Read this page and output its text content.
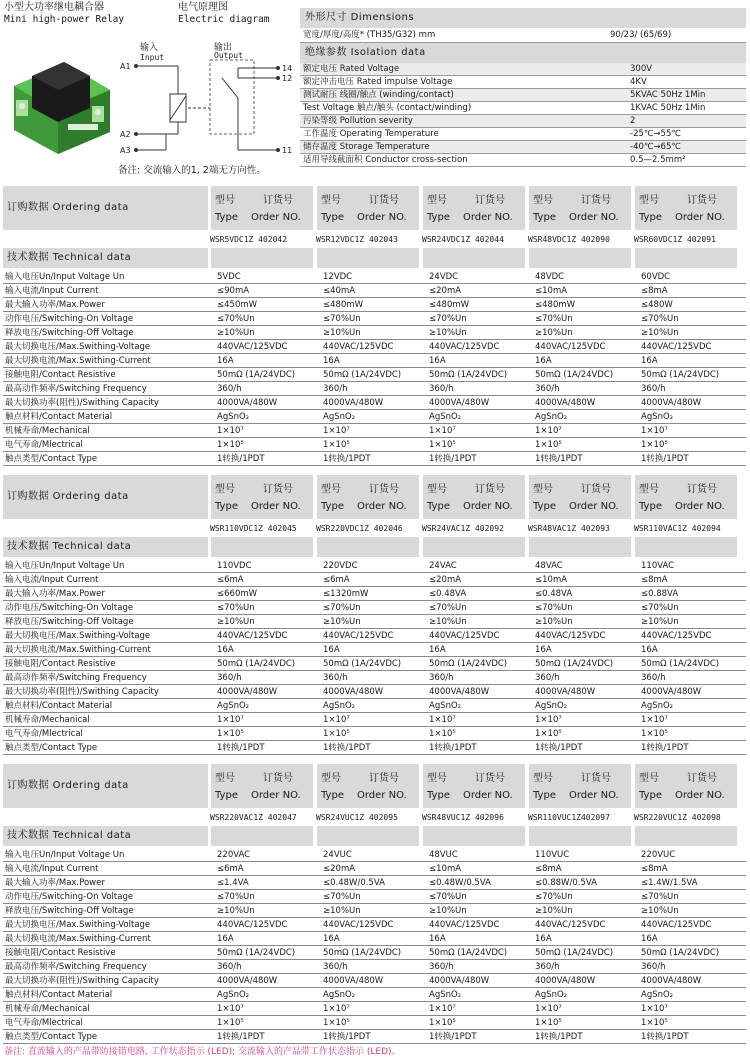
小型大功率继电耦合器
Mini high-power Relay
电气原理图
Electric diagram
输入
Input
输出
Output
A1
A2
A3
14
12
11
备注: 交流输入的1, 2端无方向性。
外形尺寸 Dimensions
宽度/厚度/高度* (TH35/G32) mm	90/23/ (65/69)
绝缘参数 Isolation data
额定电压 Rated Voltage	300V
额定冲击电压 Rated impulse Voltage	4KV
测试耐压 线圈/触点 (winding/contact)	5KVAC 50Hz 1Min
Test Voltage 触点/触头 (contact/winding)	1KVAC 50Hz 1Min
污染等级 Pollution severity	2
工作温度 Operating Temperature	-25℃→55℃
储存温度 Storage Temperature	-40℃→65℃
适用导线截面积 Conductor cross-section	0.5—2.5mm²
订购数据 Ordering data
型号	订货号
Type Order NO.
WSR5VDC1Z 402042
型号	订货号
Type Order NO.
WSR12VDC1Z 402043
型号	订货号
Type Order NO.
WSR24VDC1Z 402044
型号	订货号
Type Order NO.
WSR48VDC1Z 402090
型号	订货号
Type Order NO.
WSR60VDC1Z 402091
技术数据 Technical data
输入电压Un/Input Voltage Un	5VDC	12VDC	24VDC	48VDC	60VDC
输入电流/Input Current	≤90mA	≤40mA	≤20mA	≤10mA	≤8mA
最大输入功率/Max.Power	≤450mW	≤480mW	≤480mW	≤480mW	≤480W
动作电压/Switching-On Voltage	≤70%Un	≤70%Un	≤70%Un	≤70%Un	≤70%Un
释放电压/Switching-Off Voltage	≥10%Un	≥10%Un	≥10%Un	≥10%Un	≥10%Un
最大切换电压/Max.Swithing-Voltage	440VAC/125VDC	440VAC/125VDC	440VAC/125VDC	440VAC/125VDC	440VAC/125VDC
最大切换电流/Max.Swithing-Current	16A	16A	16A	16A	16A
接触电阻/Contact Resistive	50mΩ (1A/24VDC)	50mΩ (1A/24VDC)	50mΩ (1A/24VDC)	50mΩ (1A/24VDC)	50mΩ (1A/24VDC)
最高动作频率/Switching Frequency	360/h	360/h	360/h	360/h	360/h
最大切换功率(阻性)/Swithing Capacity	4000VA/480W	4000VA/480W	4000VA/480W	4000VA/480W	4000VA/480W
触点材料/Contact Material	AgSnO₂	AgSnO₂	AgSnO₂	AgSnO₂	AgSnO₂
机械寿命/Mechanical	1×10⁷	1×10⁷	1×10⁷	1×10⁷	1×10⁷
电气寿命/Mlectrical	1×10⁵	1×10⁵	1×10⁵	1×10⁵	1×10⁵
触点类型/Contact Type	1转换/1PDT	1转换/1PDT	1转换/1PDT	1转换/1PDT	1转换/1PDT
订购数据 Ordering data
型号	订货号
Type Order NO.
WSR110VDC1Z 402045
型号	订货号
Type Order NO.
WSR220VDC1Z 402046
型号	订货号
Type Order NO.
WSR24VAC1Z 402092
型号	订货号
Type Order NO.
WSR48VAC1Z 402093
型号	订货号
Type Order NO.
WSR110VAC1Z 402094
技术数据 Technical data
输入电压Un/Input Voltage Un	110VDC	220VDC	24VAC	48VAC	110VAC
输入电流/Input Current	≤6mA	≤6mA	≤20mA	≤10mA	≤8mA
最大输入功率/Max.Power	≤660mW	≤1320mW	≤0.48VA	≤0.48VA	≤0.88VA
动作电压/Switching-On Voltage	≤70%Un	≤70%Un	≤70%Un	≤70%Un	≤70%Un
释放电压/Switching-Off Voltage	≥10%Un	≥10%Un	≥10%Un	≥10%Un	≥10%Un
最大切换电压/Max.Swithing-Voltage	440VAC/125VDC	440VAC/125VDC	440VAC/125VDC	440VAC/125VDC	440VAC/125VDC
最大切换电流/Max.Swithing-Current	16A	16A	16A	16A	16A
接触电阻/Contact Resistive	50mΩ (1A/24VDC)	50mΩ (1A/24VDC)	50mΩ (1A/24VDC)	50mΩ (1A/24VDC)	50mΩ (1A/24VDC)
最高动作频率/Switching Frequency	360/h	360/h	360/h	360/h	360/h
最大切换功率(阻性)/Swithing Capacity	4000VA/480W	4000VA/480W	4000VA/480W	4000VA/480W	4000VA/480W
触点材料/Contact Material	AgSnO₂	AgSnO₂	AgSnO₂	AgSnO₂	AgSnO₂
机械寿命/Mechanical	1×10⁷	1×10⁷	1×10⁷	1×10⁷	1×10⁷
电气寿命/Mlectrical	1×10⁵	1×10⁵	1×10⁵	1×10⁵	1×10⁵
触点类型/Contact Type	1转换/1PDT	1转换/1PDT	1转换/1PDT	1转换/1PDT	1转换/1PDT
订购数据 Ordering data
型号	订货号
Type Order NO.
WSR220VAC1Z 402047
型号	订货号
Type Order NO.
WSR24VUC1Z 402095
型号	订货号
Type Order NO.
WSR48VUC1Z 402096
型号	订货号
Type Order NO.
WSR110VUC1Z402097
型号	订货号
Type Order NO.
WSR220VUC1Z 402098
技术数据 Technical data
输入电压Un/Input Voltage Un	220VAC	24VUC	48VUC	110VUC	220VUC
输入电流/Input Current	≤6mA	≤20mA	≤10mA	≤8mA	≤8mA
最大输入功率/Max.Power	≤1.4VA	≤0.48W/0.5VA	≤0.48W/0.5VA	≤0.88W/0.5VA	≤1.4W/1.5VA
动作电压/Switching-On Voltage	≤70%Un	≤70%Un	≤70%Un	≤70%Un	≤70%Un
释放电压/Switching-Off Voltage	≥10%Un	≥10%Un	≥10%Un	≥10%Un	≥10%Un
最大切换电压/Max.Swithing-Voltage	440VAC/125VDC	440VAC/125VDC	440VAC/125VDC	440VAC/125VDC	440VAC/125VDC
最大切换电流/Max.Swithing-Current	16A	16A	16A	16A	16A
接触电阻/Contact Resistive	50mΩ (1A/24VDC)	50mΩ (1A/24VDC)	50mΩ (1A/24VDC)	50mΩ (1A/24VDC)	50mΩ (1A/24VDC)
最高动作频率/Switching Frequency	360/h	360/h	360/h	360/h	360/h
最大切换功率(阻性)/Swithing Capacity	4000VA/480W	4000VA/480W	4000VA/480W	4000VA/480W	4000VA/480W
触点材料/Contact Material	AgSnO₂	AgSnO₂	AgSnO₂	AgSnO₂	AgSnO₂
机械寿命/Mechanical	1×10⁷	1×10⁷	1×10⁷	1×10⁷	1×10⁷
电气寿命/Mlectrical	1×10⁵	1×10⁵	1×10⁵	1×10⁵	1×10⁵
触点类型/Contact Type	1转换/1PDT	1转换/1PDT	1转换/1PDT	1转换/1PDT	1转换/1PDT
备注: 直流输入的产品带防接错电路, 工作状态指示 (LED); 交流输入的产品带工作状态指示 (LED)。
